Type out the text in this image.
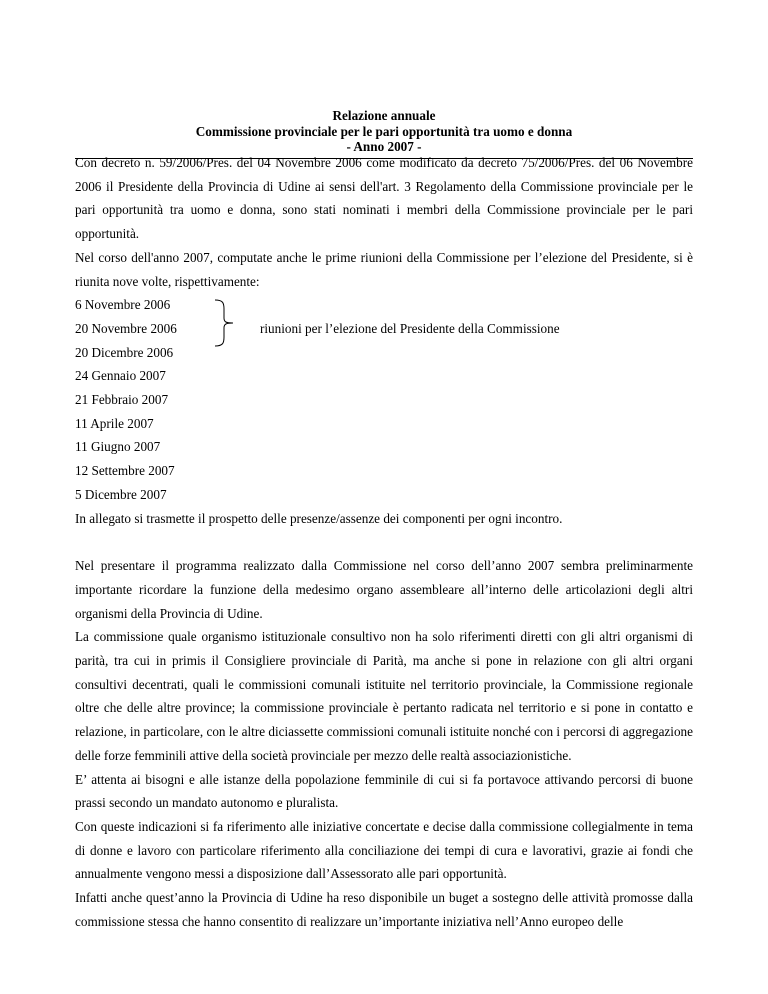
Relazione annuale
Commissione provinciale per le pari opportunità tra uomo e donna
- Anno 2007 -

Con decreto n. 59/2006/Pres. del 04 Novembre 2006 come modificato da decreto 75/2006/Pres. del 06 Novembre 2006 il Presidente della Provincia di Udine ai sensi dell'art. 3 Regolamento della Commissione provinciale per le pari opportunità tra uomo e donna, sono stati nominati i membri della Commissione provinciale per le pari opportunità.

Nel corso dell'anno 2007, computate anche le prime riunioni della Commissione per l’elezione del Presidente, si è riunita nove volte, rispettivamente:

riunioni per l’elezione del Presidente della Commissione
6 Novembre 2006
20 Novembre 2006
20 Dicembre 2006
24 Gennaio 2007
21 Febbraio 2007
11 Aprile 2007
11 Giugno 2007
12 Settembre 2007
5 Dicembre 2007

In allegato si trasmette il prospetto delle presenze/assenze dei componenti per ogni incontro.

Nel presentare il programma realizzato dalla Commissione nel corso dell’anno 2007 sembra preliminarmente importante ricordare la funzione della medesimo organo assembleare all’interno delle articolazioni degli altri organismi della Provincia di Udine.

La commissione quale organismo istituzionale consultivo non ha solo riferimenti diretti con gli altri organismi di parità, tra cui in primis il Consigliere provinciale di Parità, ma anche si pone in relazione con gli altri organi consultivi decentrati, quali le commissioni comunali istituite nel territorio provinciale, la Commissione regionale oltre che delle altre province; la commissione provinciale è pertanto radicata nel territorio e si pone in contatto e relazione, in particolare, con le altre diciassette commissioni comunali istituite nonché con i percorsi di aggregazione delle forze femminili attive della società provinciale per mezzo delle realtà associazionistiche.

E’ attenta ai bisogni e alle istanze della popolazione femminile di cui si fa portavoce attivando percorsi di buone prassi secondo un mandato autonomo e pluralista.

Con queste indicazioni si fa riferimento alle iniziative concertate e decise dalla commissione collegialmente in tema di donne e lavoro con particolare riferimento alla conciliazione dei tempi di cura e lavorativi, grazie ai fondi che annualmente vengono messi a disposizione dall’Assessorato alle pari opportunità.

Infatti anche quest’anno la Provincia di Udine ha reso disponibile un buget a sostegno delle attività promosse dalla commissione stessa che hanno consentito di realizzare un’importante iniziativa nell’Anno europeo delle
